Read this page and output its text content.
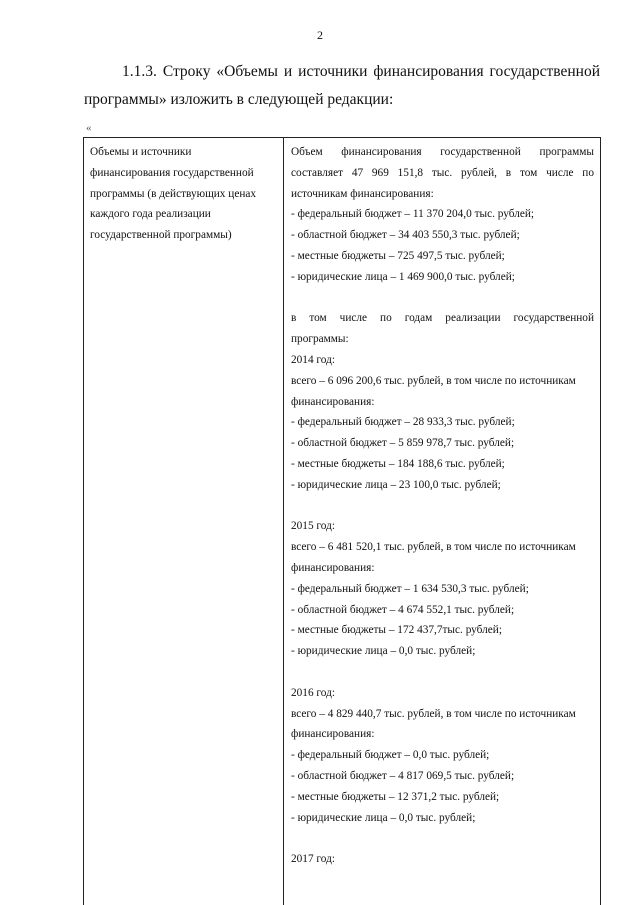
2

1.1.3. Строку «Объемы и источники финансирования государственной программы» изложить в следующей редакции:

«
Объемы и источники
финансирования государственной
программы (в действующих ценах
каждого года реализации
государственной программы)
Объем финансирования государственной программы
составляет 47 969 151,8 тыс. рублей, в том числе по
источникам финансирования:
- федеральный бюджет – 11 370 204,0 тыс. рублей;
- областной бюджет – 34 403 550,3 тыс. рублей;
- местные бюджеты – 725 497,5 тыс. рублей;
- юридические лица – 1 469 900,0 тыс. рублей;
в том числе по годам реализации государственной
программы:
2014 год:
всего – 6 096 200,6 тыс. рублей, в том числе по источникам
финансирования:
- федеральный бюджет – 28 933,3 тыс. рублей;
- областной бюджет – 5 859 978,7 тыс. рублей;
- местные бюджеты – 184 188,6 тыс. рублей;
- юридические лица – 23 100,0 тыс. рублей;
2015 год:
всего – 6 481 520,1 тыс. рублей, в том числе по источникам
финансирования:
- федеральный бюджет – 1 634 530,3 тыс. рублей;
- областной бюджет – 4 674 552,1 тыс. рублей;
- местные бюджеты – 172 437,7тыс. рублей;
- юридические лица – 0,0 тыс. рублей;
2016 год:
всего – 4 829 440,7 тыс. рублей, в том числе по источникам
финансирования:
- федеральный бюджет – 0,0 тыс. рублей;
- областной бюджет – 4 817 069,5 тыс. рублей;
- местные бюджеты – 12 371,2 тыс. рублей;
- юридические лица – 0,0 тыс. рублей;
2017 год:
